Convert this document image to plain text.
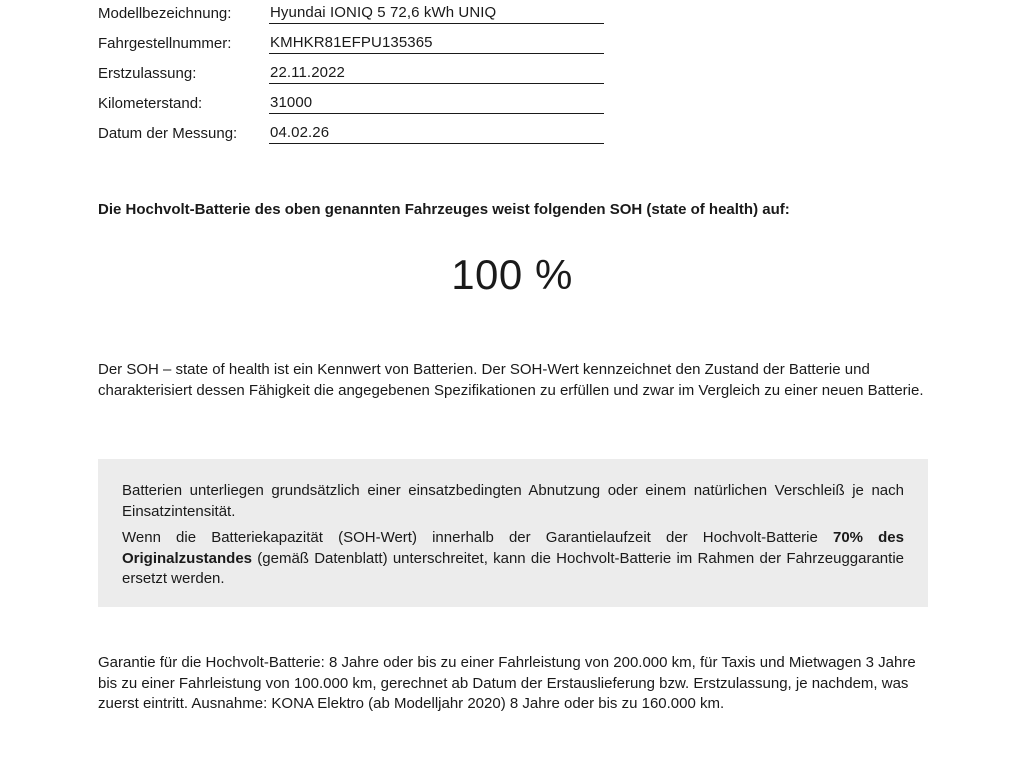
Modellbezeichnung:	Hyundai IONIQ 5 72,6 kWh UNIQ
Fahrgestellnummer:	KMHKR81EFPU135365
Erstzulassung:	22.11.2022
Kilometerstand:	31000
Datum der Messung:	04.02.26
Die Hochvolt-Batterie des oben genannten Fahrzeuges weist folgenden SOH (state of health) auf:
100 %
Der SOH – state of health ist ein Kennwert von Batterien. Der SOH-Wert kennzeichnet den Zustand der Batterie und charakterisiert dessen Fähigkeit die angegebenen Spezifikationen zu erfüllen und zwar im Vergleich zu einer neuen Batterie.

Batterien unterliegen grundsätzlich einer einsatzbedingten Abnutzung oder einem natürlichen Verschleiß je nach Einsatzintensität.

Wenn die Batteriekapazität (SOH-Wert) innerhalb der Garantielaufzeit der Hochvolt-Batterie 70% des Originalzustandes (gemäß Datenblatt) unterschreitet, kann die Hochvolt-Batterie im Rahmen der Fahrzeuggarantie ersetzt werden.

Garantie für die Hochvolt-Batterie: 8 Jahre oder bis zu einer Fahrleistung von 200.000 km, für Taxis und Mietwagen 3 Jahre bis zu einer Fahrleistung von 100.000 km, gerechnet ab Datum der Erstauslieferung bzw. Erstzulassung, je nachdem, was zuerst eintritt. Ausnahme: KONA Elektro (ab Modelljahr 2020) 8 Jahre oder bis zu 160.000 km.
